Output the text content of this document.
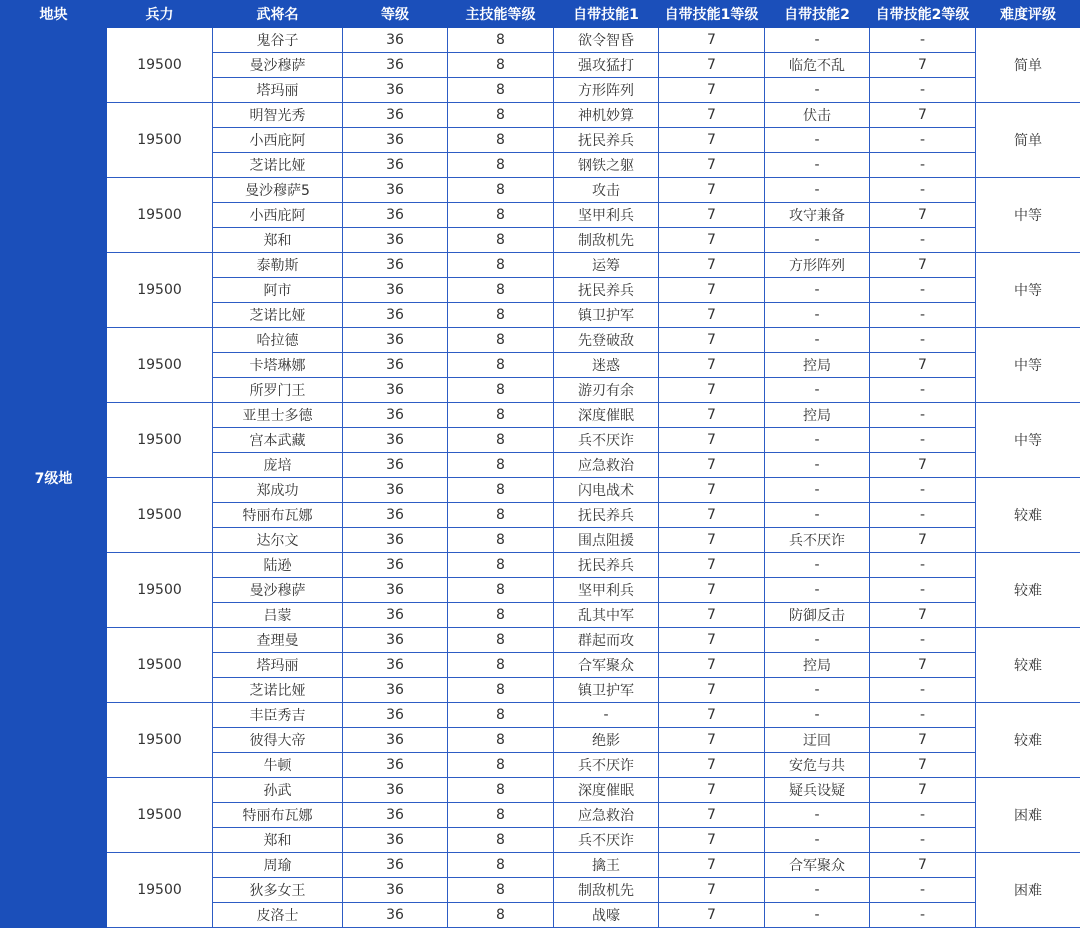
地块	兵力	武将名	等级	主技能等级	自带技能1	自带技能1等级	自带技能2	自带技能2等级	难度评级
7级地	19500	鬼谷子	36	8	欲令智昏	7	-	-	简单
		曼沙穆萨	36	8	强攻猛打	7	临危不乱	7	
		塔玛丽	36	8	方形阵列	7	-	-	
	19500	明智光秀	36	8	神机妙算	7	伏击	7	简单
		小西庇阿	36	8	抚民养兵	7	-	-	
		芝诺比娅	36	8	钢铁之躯	7	-	-	
	19500	曼沙穆萨5	36	8	攻击	7	-	-	中等
		小西庇阿	36	8	坚甲利兵	7	攻守兼备	7	
		郑和	36	8	制敌机先	7	-	-	
	19500	泰勒斯	36	8	运筹	7	方形阵列	7	中等
		阿市	36	8	抚民养兵	7	-	-	
		芝诺比娅	36	8	镇卫护军	7	-	-	
	19500	哈拉德	36	8	先登破敌	7	-	-	中等
		卡塔琳娜	36	8	迷惑	7	控局	7	
		所罗门王	36	8	游刃有余	7	-	-	
	19500	亚里士多德	36	8	深度催眠	7	控局	-	中等
		宫本武藏	36	8	兵不厌诈	7	-	-	
		庞培	36	8	应急救治	7	-	7	
	19500	郑成功	36	8	闪电战术	7	-	-	较难
		特丽布瓦娜	36	8	抚民养兵	7	-	-	
		达尔文	36	8	围点阻援	7	兵不厌诈	7	
	19500	陆逊	36	8	抚民养兵	7	-	-	较难
		曼沙穆萨	36	8	坚甲利兵	7	-	-	
		吕蒙	36	8	乱其中军	7	防御反击	7	
	19500	查理曼	36	8	群起而攻	7	-	-	较难
		塔玛丽	36	8	合军聚众	7	控局	7	
		芝诺比娅	36	8	镇卫护军	7	-	-	
	19500	丰臣秀吉	36	8	-	7	-	-	较难
		彼得大帝	36	8	绝影	7	迂回	7	
		牛顿	36	8	兵不厌诈	7	安危与共	7	
	19500	孙武	36	8	深度催眠	7	疑兵设疑	7	困难
		特丽布瓦娜	36	8	应急救治	7	-	-	
		郑和	36	8	兵不厌诈	7	-	-	
	19500	周瑜	36	8	擒王	7	合军聚众	7	困难
		狄多女王	36	8	制敌机先	7	-	-	
		皮洛士	36	8	战嚎	7	-	-	
